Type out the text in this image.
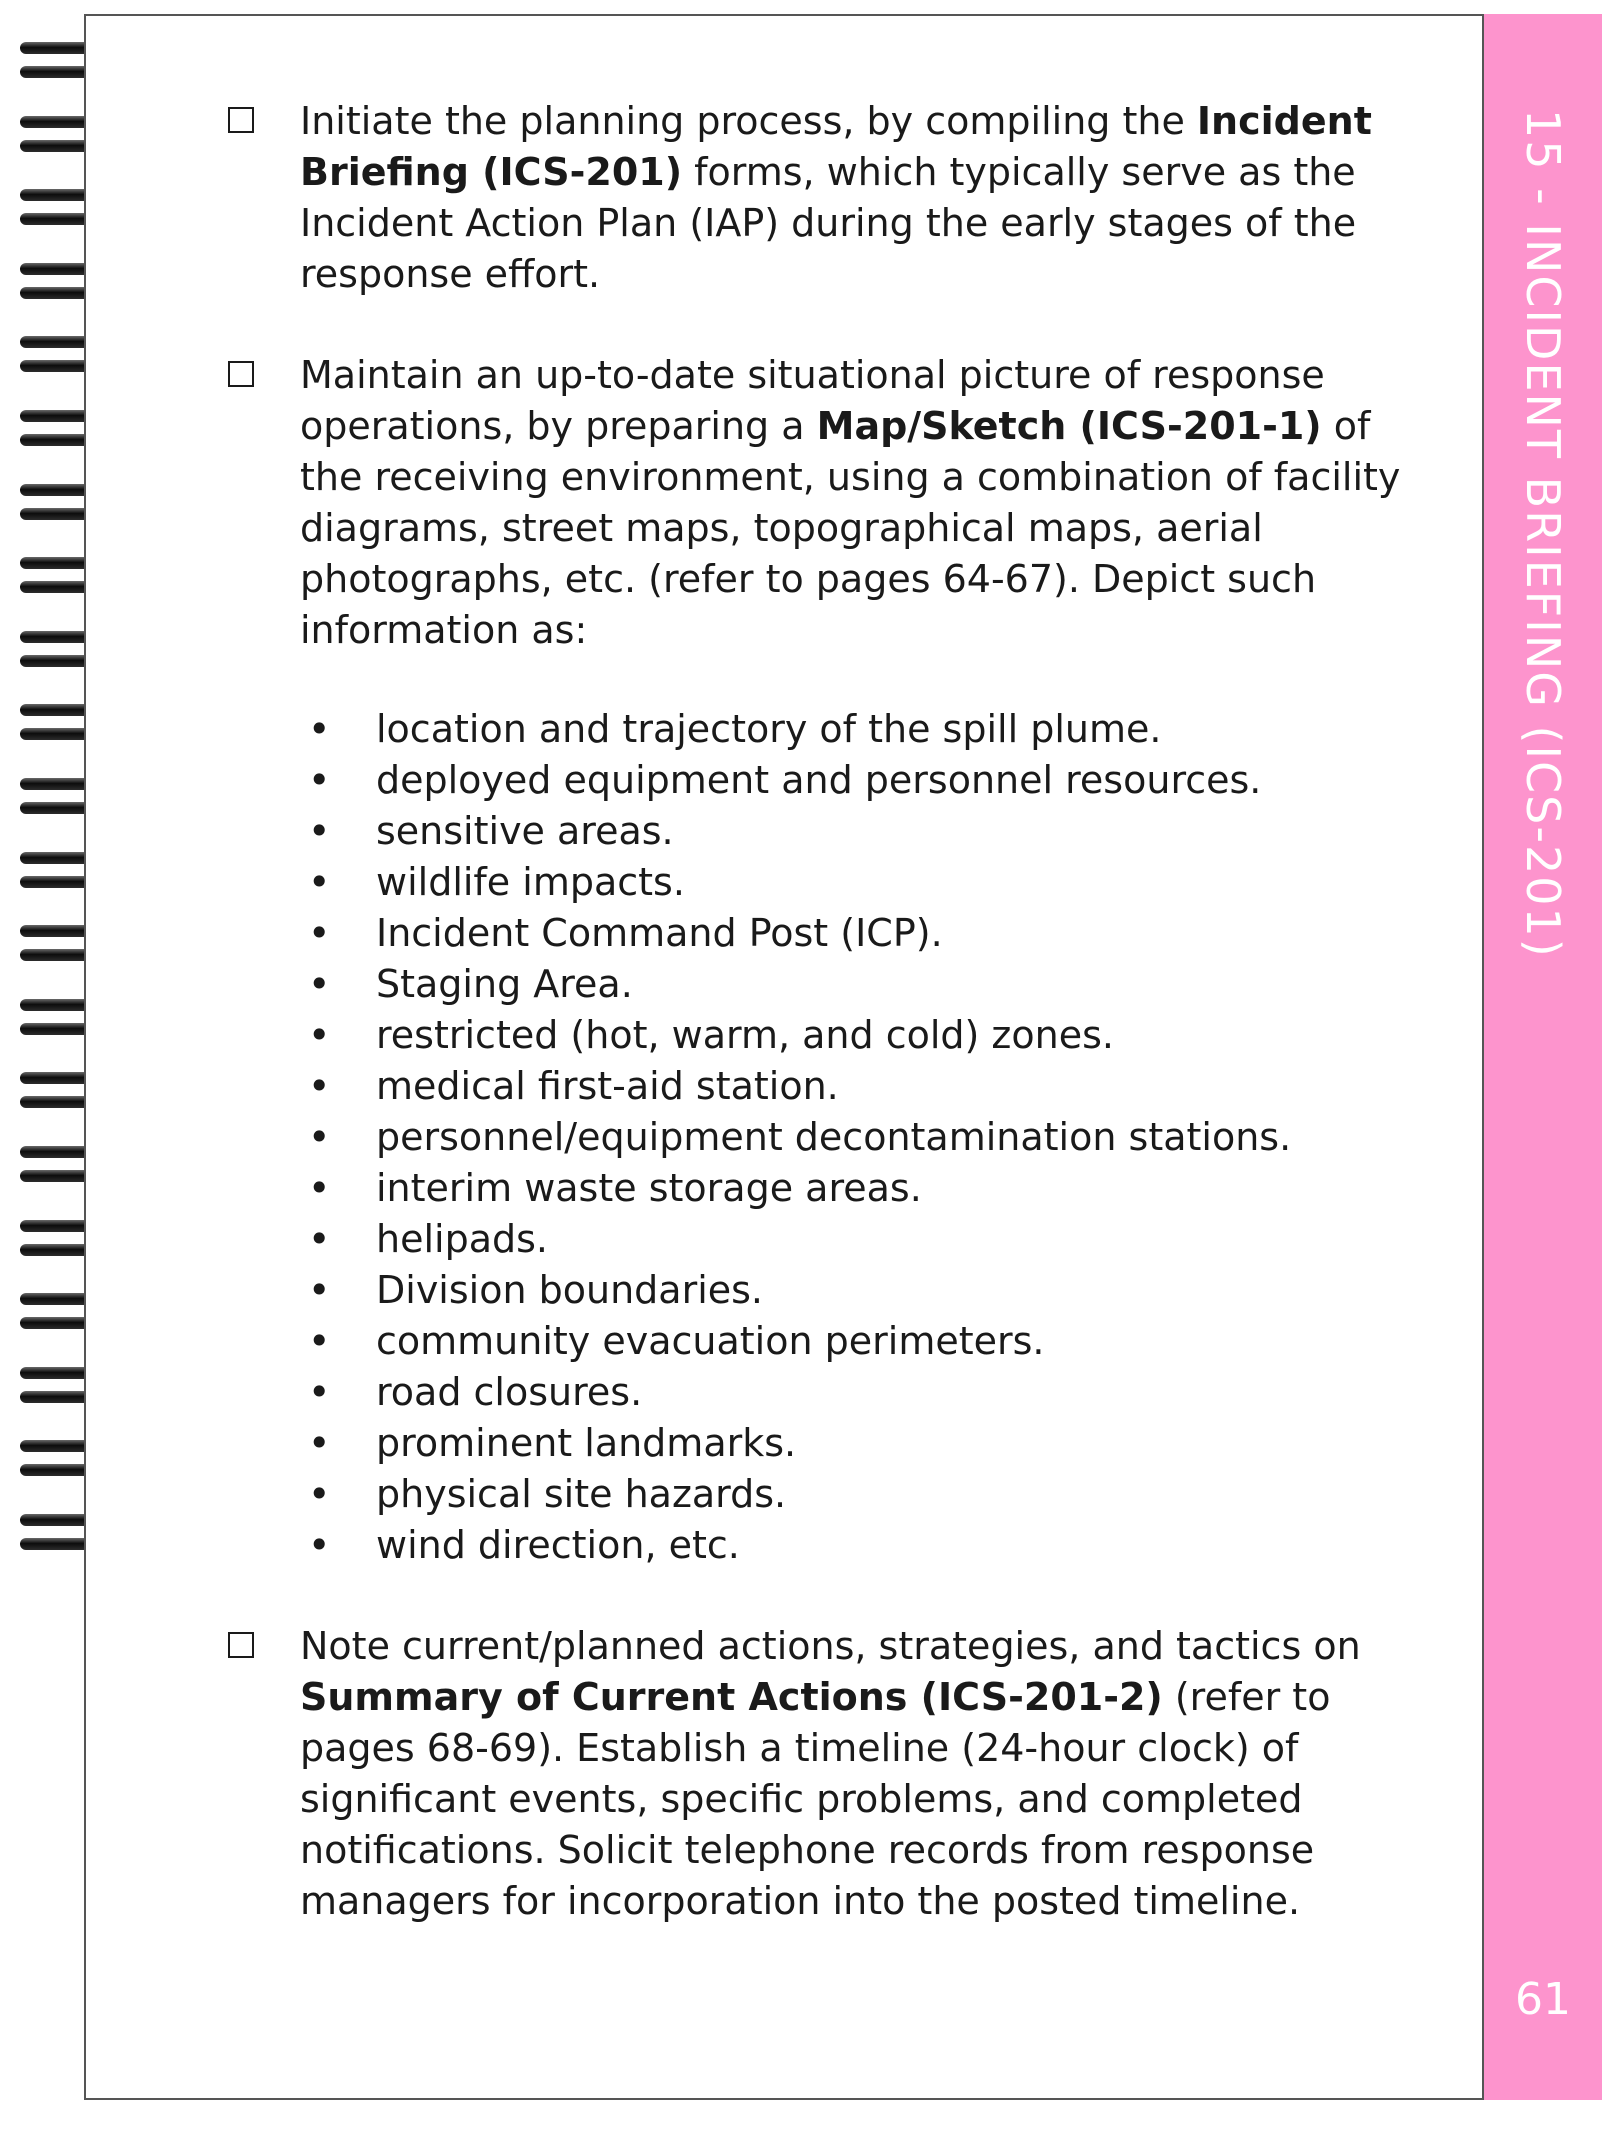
15 - INCIDENT BRIEFING (ICS-201)
61
Initiate the planning process, by compiling the Incident Briefing (ICS-201) forms, which typically serve as the Incident Action Plan (IAP) during the early stages of the response effort.
Maintain an up-to-date situational picture of response operations, by preparing a Map/Sketch (ICS-201-1) of the receiving environment, using a combination of facility diagrams, street maps, topographical maps, aerial photographs, etc. (refer to pages 64-67). Depict such information as:
• location and trajectory of the spill plume.
• deployed equipment and personnel resources.
• sensitive areas.
• wildlife impacts.
• Incident Command Post (ICP).
• Staging Area.
• restricted (hot, warm, and cold) zones.
• medical first-aid station.
• personnel/equipment decontamination stations.
• interim waste storage areas.
• helipads.
• Division boundaries.
• community evacuation perimeters.
• road closures.
• prominent landmarks.
• physical site hazards.
• wind direction, etc.
Note current/planned actions, strategies, and tactics on Summary of Current Actions (ICS-201-2) (refer to pages 68-69). Establish a timeline (24-hour clock) of significant events, specific problems, and completed notifications. Solicit telephone records from response managers for incorporation into the posted timeline.
